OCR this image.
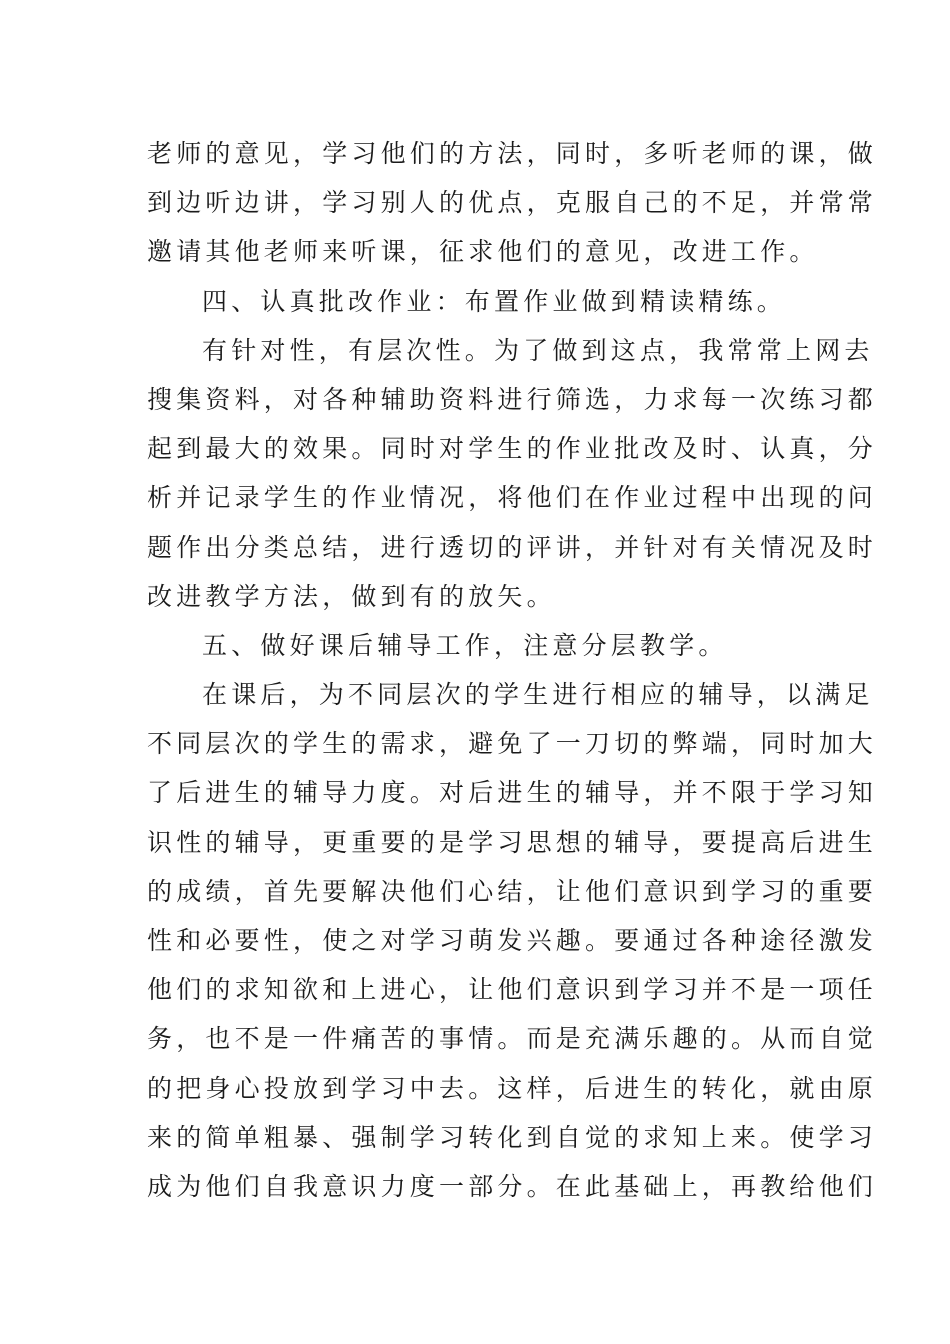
老师的意见，学习他们的方法，同时，多听老师的课，做
到边听边讲，学习别人的优点，克服自己的不足，并常常
邀请其他老师来听课，征求他们的意见，改进工作。
四、认真批改作业：布置作业做到精读精练。
有针对性，有层次性。为了做到这点，我常常上网去
搜集资料，对各种辅助资料进行筛选，力求每一次练习都
起到最大的效果。同时对学生的作业批改及时、认真，分
析并记录学生的作业情况，将他们在作业过程中出现的问
题作出分类总结，进行透切的评讲，并针对有关情况及时
改进教学方法，做到有的放矢。
五、做好课后辅导工作，注意分层教学。
在课后，为不同层次的学生进行相应的辅导，以满足
不同层次的学生的需求，避免了一刀切的弊端，同时加大
了后进生的辅导力度。对后进生的辅导，并不限于学习知
识性的辅导，更重要的是学习思想的辅导，要提高后进生
的成绩，首先要解决他们心结，让他们意识到学习的重要
性和必要性，使之对学习萌发兴趣。要通过各种途径激发
他们的求知欲和上进心，让他们意识到学习并不是一项任
务，也不是一件痛苦的事情。而是充满乐趣的。从而自觉
的把身心投放到学习中去。这样，后进生的转化，就由原
来的简单粗暴、强制学习转化到自觉的求知上来。使学习
成为他们自我意识力度一部分。在此基础上，再教给他们
